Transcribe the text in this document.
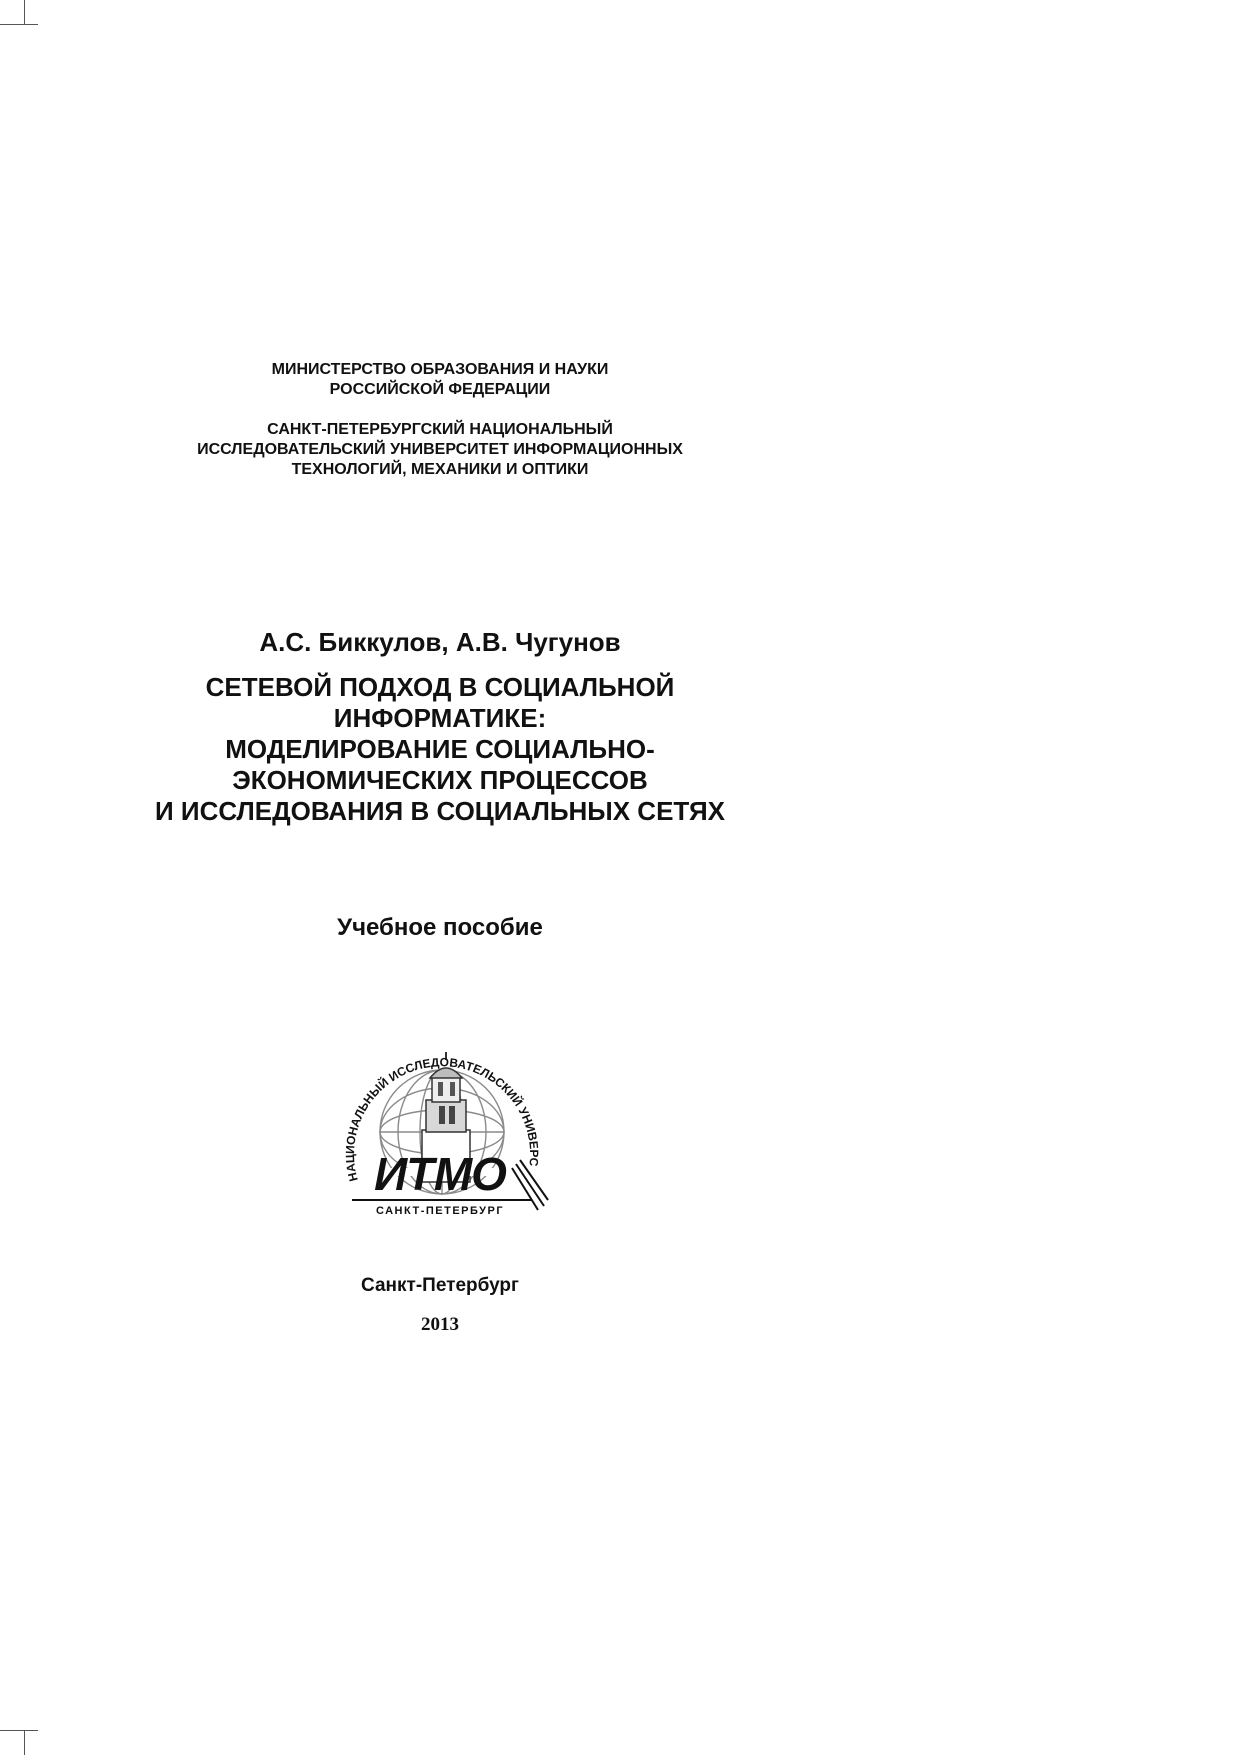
МИНИСТЕРСТВО ОБРАЗОВАНИЯ И НАУКИ
РОССИЙСКОЙ ФЕДЕРАЦИИ
САНКТ-ПЕТЕРБУРГСКИЙ НАЦИОНАЛЬНЫЙ
ИССЛЕДОВАТЕЛЬСКИЙ УНИВЕРСИТЕТ ИНФОРМАЦИОННЫХ
ТЕХНОЛОГИЙ, МЕХАНИКИ И ОПТИКИ
А.С. Биккулов, А.В. Чугунов
СЕТЕВОЙ ПОДХОД В СОЦИАЛЬНОЙ
ИНФОРМАТИКЕ:
МОДЕЛИРОВАНИЕ СОЦИАЛЬНО-
ЭКОНОМИЧЕСКИХ ПРОЦЕССОВ
И ИССЛЕДОВАНИЯ В СОЦИАЛЬНЫХ СЕТЯХ
Учебное пособие
ИТМО
САНКТ-ПЕТЕРБУРГ
НАЦИОНАЛЬНЫЙ ИССЛЕДОВАТЕЛЬСКИЙ УНИВЕРС
Санкт-Петербург
2013
